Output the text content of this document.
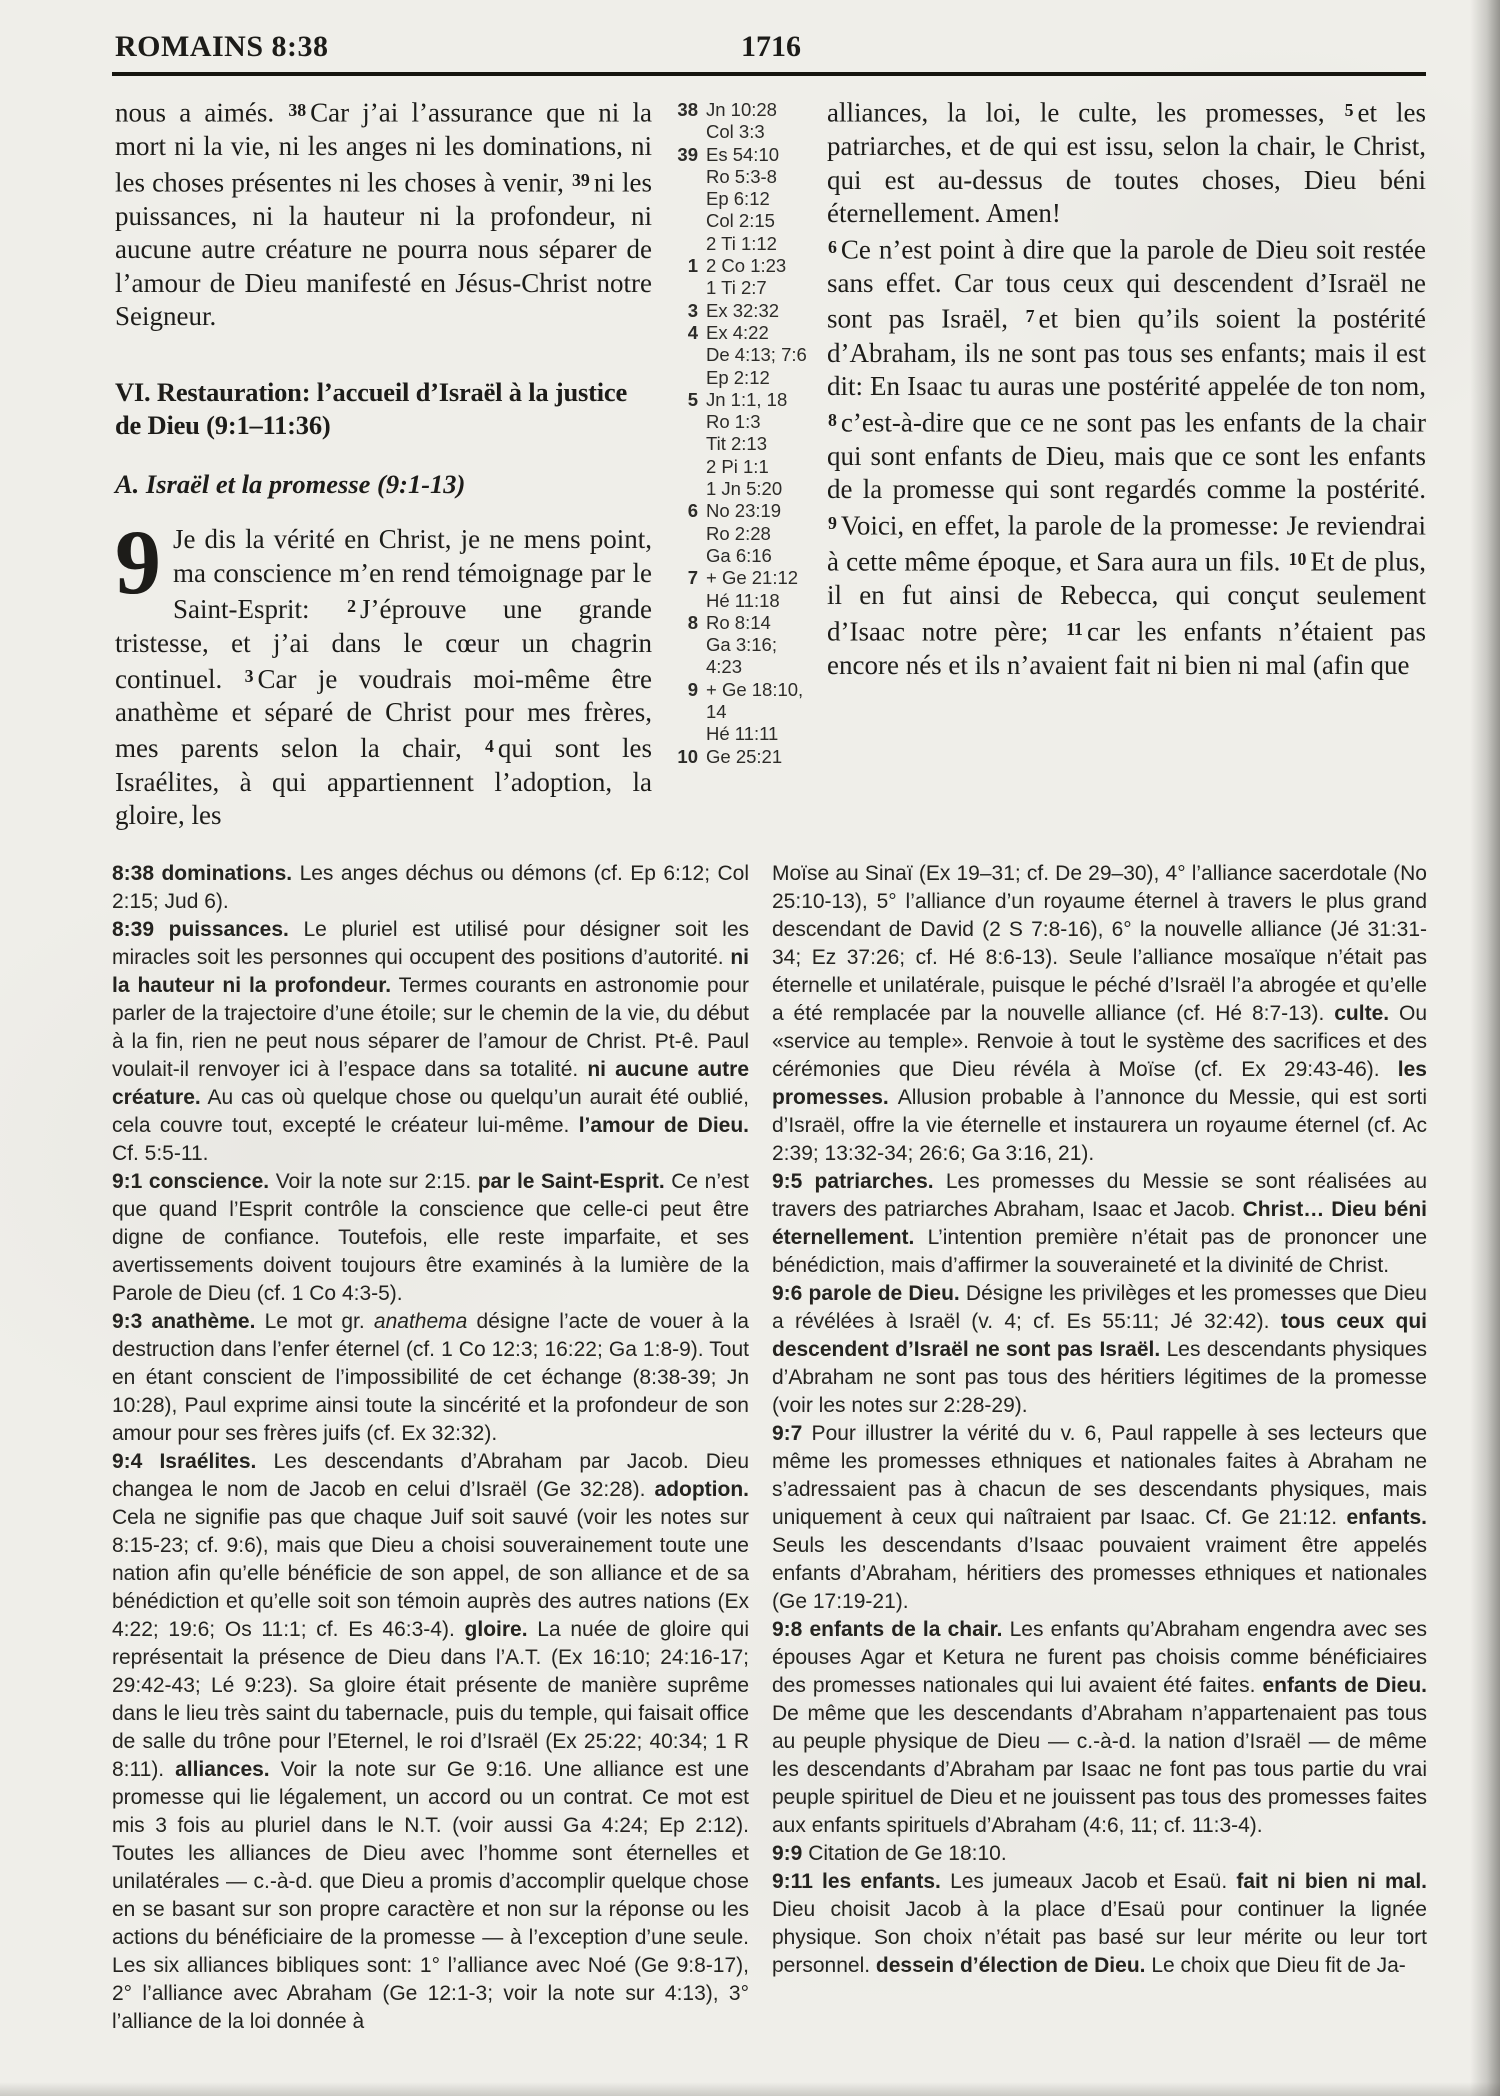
ROMAINS 8:38	1716

nous a aimés. $^{38}$ Car j’ai l’assurance que ni la mort ni la vie, ni les anges ni les dominations, ni les choses présentes ni les choses à venir, $^{39}$ ni les puissances, ni la hauteur ni la profondeur, ni aucune autre créature ne pourra nous séparer de l’amour de Dieu manifesté en Jésus-Christ notre Seigneur.

VI. Restauration: l’accueil d’Israël à la justice de Dieu (9:1–11:36)

A. Israël et la promesse (9:1-13)

9 Je dis la vérité en Christ, je ne mens point, ma conscience m’en rend témoignage par le Saint-Esprit: $^2$ J’éprouve une grande tristesse, et j’ai dans le cœur un chagrin continuel. $^3$ Car je voudrais moi-même être anathème et séparé de Christ pour mes frères, mes parents selon la chair, $^4$ qui sont les Israélites, à qui appartiennent l’adoption, la gloire, les

38 Jn 10:28
Col 3:3
39 Es 54:10
Ro 5:3-8
Ep 6:12
Col 2:15
2 Ti 1:12
1 2 Co 1:23
1 Ti 2:7
3 Ex 32:32
4 Ex 4:22
De 4:13; 7:6
Ep 2:12
5 Jn 1:1, 18
Ro 1:3
Tit 2:13
2 Pi 1:1
1 Jn 5:20
6 No 23:19
Ro 2:28
Ga 6:16
7 + Ge 21:12
Hé 11:18
8 Ro 8:14
Ga 3:16; 4:23
9 + Ge 18:10, 14
Hé 11:11
10 Ge 25:21

alliances, la loi, le culte, les promesses, $^5$ et les patriarches, et de qui est issu, selon la chair, le Christ, qui est au-dessus de toutes choses, Dieu béni éternellement. Amen!

$^6$ Ce n’est point à dire que la parole de Dieu soit restée sans effet. Car tous ceux qui descendent d’Israël ne sont pas Israël, $^7$ et bien qu’ils soient la postérité d’Abraham, ils ne sont pas tous ses enfants; mais il est dit: En Isaac tu auras une postérité appelée de ton nom, $^8$ c’est-à-dire que ce ne sont pas les enfants de la chair qui sont enfants de Dieu, mais que ce sont les enfants de la promesse qui sont regardés comme la postérité. $^9$ Voici, en effet, la parole de la promesse: Je reviendrai à cette même époque, et Sara aura un fils. $^{10}$ Et de plus, il en fut ainsi de Rebecca, qui conçut seulement d’Isaac notre père; $^{11}$ car les enfants n’étaient pas encore nés et ils n’avaient fait ni bien ni mal (afin que

8:38 dominations. Les anges déchus ou démons (cf. Ep 6:12; Col 2:15; Jud 6).
8:39 puissances. Le pluriel est utilisé pour désigner soit les miracles soit les personnes qui occupent des positions d’autorité. ni la hauteur ni la profondeur. Termes courants en astronomie pour parler de la trajectoire d’une étoile; sur le chemin de la vie, du début à la fin, rien ne peut nous séparer de l’amour de Christ. Pt-ê. Paul voulait-il renvoyer ici à l’espace dans sa totalité. ni aucune autre créature. Au cas où quelque chose ou quelqu’un aurait été oublié, cela couvre tout, excepté le créateur lui-même. l’amour de Dieu. Cf. 5:5-11.
9:1 conscience. Voir la note sur 2:15. par le Saint-Esprit. Ce n’est que quand l’Esprit contrôle la conscience que celle-ci peut être digne de confiance. Toutefois, elle reste imparfaite, et ses avertissements doivent toujours être examinés à la lumière de la Parole de Dieu (cf. 1 Co 4:3-5).
9:3 anathème. Le mot gr. anathema désigne l’acte de vouer à la destruction dans l’enfer éternel (cf. 1 Co 12:3; 16:22; Ga 1:8-9). Tout en étant conscient de l’impossibilité de cet échange (8:38-39; Jn 10:28), Paul exprime ainsi toute la sincérité et la profondeur de son amour pour ses frères juifs (cf. Ex 32:32).
9:4 Israélites. Les descendants d’Abraham par Jacob. Dieu changea le nom de Jacob en celui d’Israël (Ge 32:28). adoption. Cela ne signifie pas que chaque Juif soit sauvé (voir les notes sur 8:15-23; cf. 9:6), mais que Dieu a choisi souverainement toute une nation afin qu’elle bénéficie de son appel, de son alliance et de sa bénédiction et qu’elle soit son témoin auprès des autres nations (Ex 4:22; 19:6; Os 11:1; cf. Es 46:3-4). gloire. La nuée de gloire qui représentait la présence de Dieu dans l’A.T. (Ex 16:10; 24:16-17; 29:42-43; Lé 9:23). Sa gloire était présente de manière suprême dans le lieu très saint du tabernacle, puis du temple, qui faisait office de salle du trône pour l’Eternel, le roi d’Israël (Ex 25:22; 40:34; 1 R 8:11). alliances. Voir la note sur Ge 9:16. Une alliance est une promesse qui lie légalement, un accord ou un contrat. Ce mot est mis 3 fois au pluriel dans le N.T. (voir aussi Ga 4:24; Ep 2:12). Toutes les alliances de Dieu avec l’homme sont éternelles et unilatérales — c.-à-d. que Dieu a promis d’accomplir quelque chose en se basant sur son propre caractère et non sur la réponse ou les actions du bénéficiaire de la promesse — à l’exception d’une seule. Les six alliances bibliques sont: 1° l’alliance avec Noé (Ge 9:8-17), 2° l’alliance avec Abraham (Ge 12:1-3; voir la note sur 4:13), 3° l’alliance de la loi donnée à
Moïse au Sinaï (Ex 19–31; cf. De 29–30), 4° l’alliance sacerdotale (No 25:10-13), 5° l’alliance d’un royaume éternel à travers le plus grand descendant de David (2 S 7:8-16), 6° la nouvelle alliance (Jé 31:31-34; Ez 37:26; cf. Hé 8:6-13). Seule l’alliance mosaïque n’était pas éternelle et unilatérale, puisque le péché d’Israël l’a abrogée et qu’elle a été remplacée par la nouvelle alliance (cf. Hé 8:7-13). culte. Ou «service au temple». Renvoie à tout le système des sacrifices et des cérémonies que Dieu révéla à Moïse (cf. Ex 29:43-46). les promesses. Allusion probable à l’annonce du Messie, qui est sorti d’Israël, offre la vie éternelle et instaurera un royaume éternel (cf. Ac 2:39; 13:32-34; 26:6; Ga 3:16, 21).
9:5 patriarches. Les promesses du Messie se sont réalisées au travers des patriarches Abraham, Isaac et Jacob. Christ… Dieu béni éternellement. L’intention première n’était pas de prononcer une bénédiction, mais d’affirmer la souveraineté et la divinité de Christ.
9:6 parole de Dieu. Désigne les privilèges et les promesses que Dieu a révélées à Israël (v. 4; cf. Es 55:11; Jé 32:42). tous ceux qui descendent d’Israël ne sont pas Israël. Les descendants physiques d’Abraham ne sont pas tous des héritiers légitimes de la promesse (voir les notes sur 2:28-29).
9:7 Pour illustrer la vérité du v. 6, Paul rappelle à ses lecteurs que même les promesses ethniques et nationales faites à Abraham ne s’adressaient pas à chacun de ses descendants physiques, mais uniquement à ceux qui naîtraient par Isaac. Cf. Ge 21:12. enfants. Seuls les descendants d’Isaac pouvaient vraiment être appelés enfants d’Abraham, héritiers des promesses ethniques et nationales (Ge 17:19-21).
9:8 enfants de la chair. Les enfants qu’Abraham engendra avec ses épouses Agar et Ketura ne furent pas choisis comme bénéficiaires des promesses nationales qui lui avaient été faites. enfants de Dieu. De même que les descendants d’Abraham n’appartenaient pas tous au peuple physique de Dieu — c.-à-d. la nation d’Israël — de même les descendants d’Abraham par Isaac ne font pas tous partie du vrai peuple spirituel de Dieu et ne jouissent pas tous des promesses faites aux enfants spirituels d’Abraham (4:6, 11; cf. 11:3-4).
9:9 Citation de Ge 18:10.
9:11 les enfants. Les jumeaux Jacob et Esaü. fait ni bien ni mal. Dieu choisit Jacob à la place d’Esaü pour continuer la lignée physique. Son choix n’était pas basé sur leur mérite ou leur tort personnel. dessein d’élection de Dieu. Le choix que Dieu fit de Ja-
